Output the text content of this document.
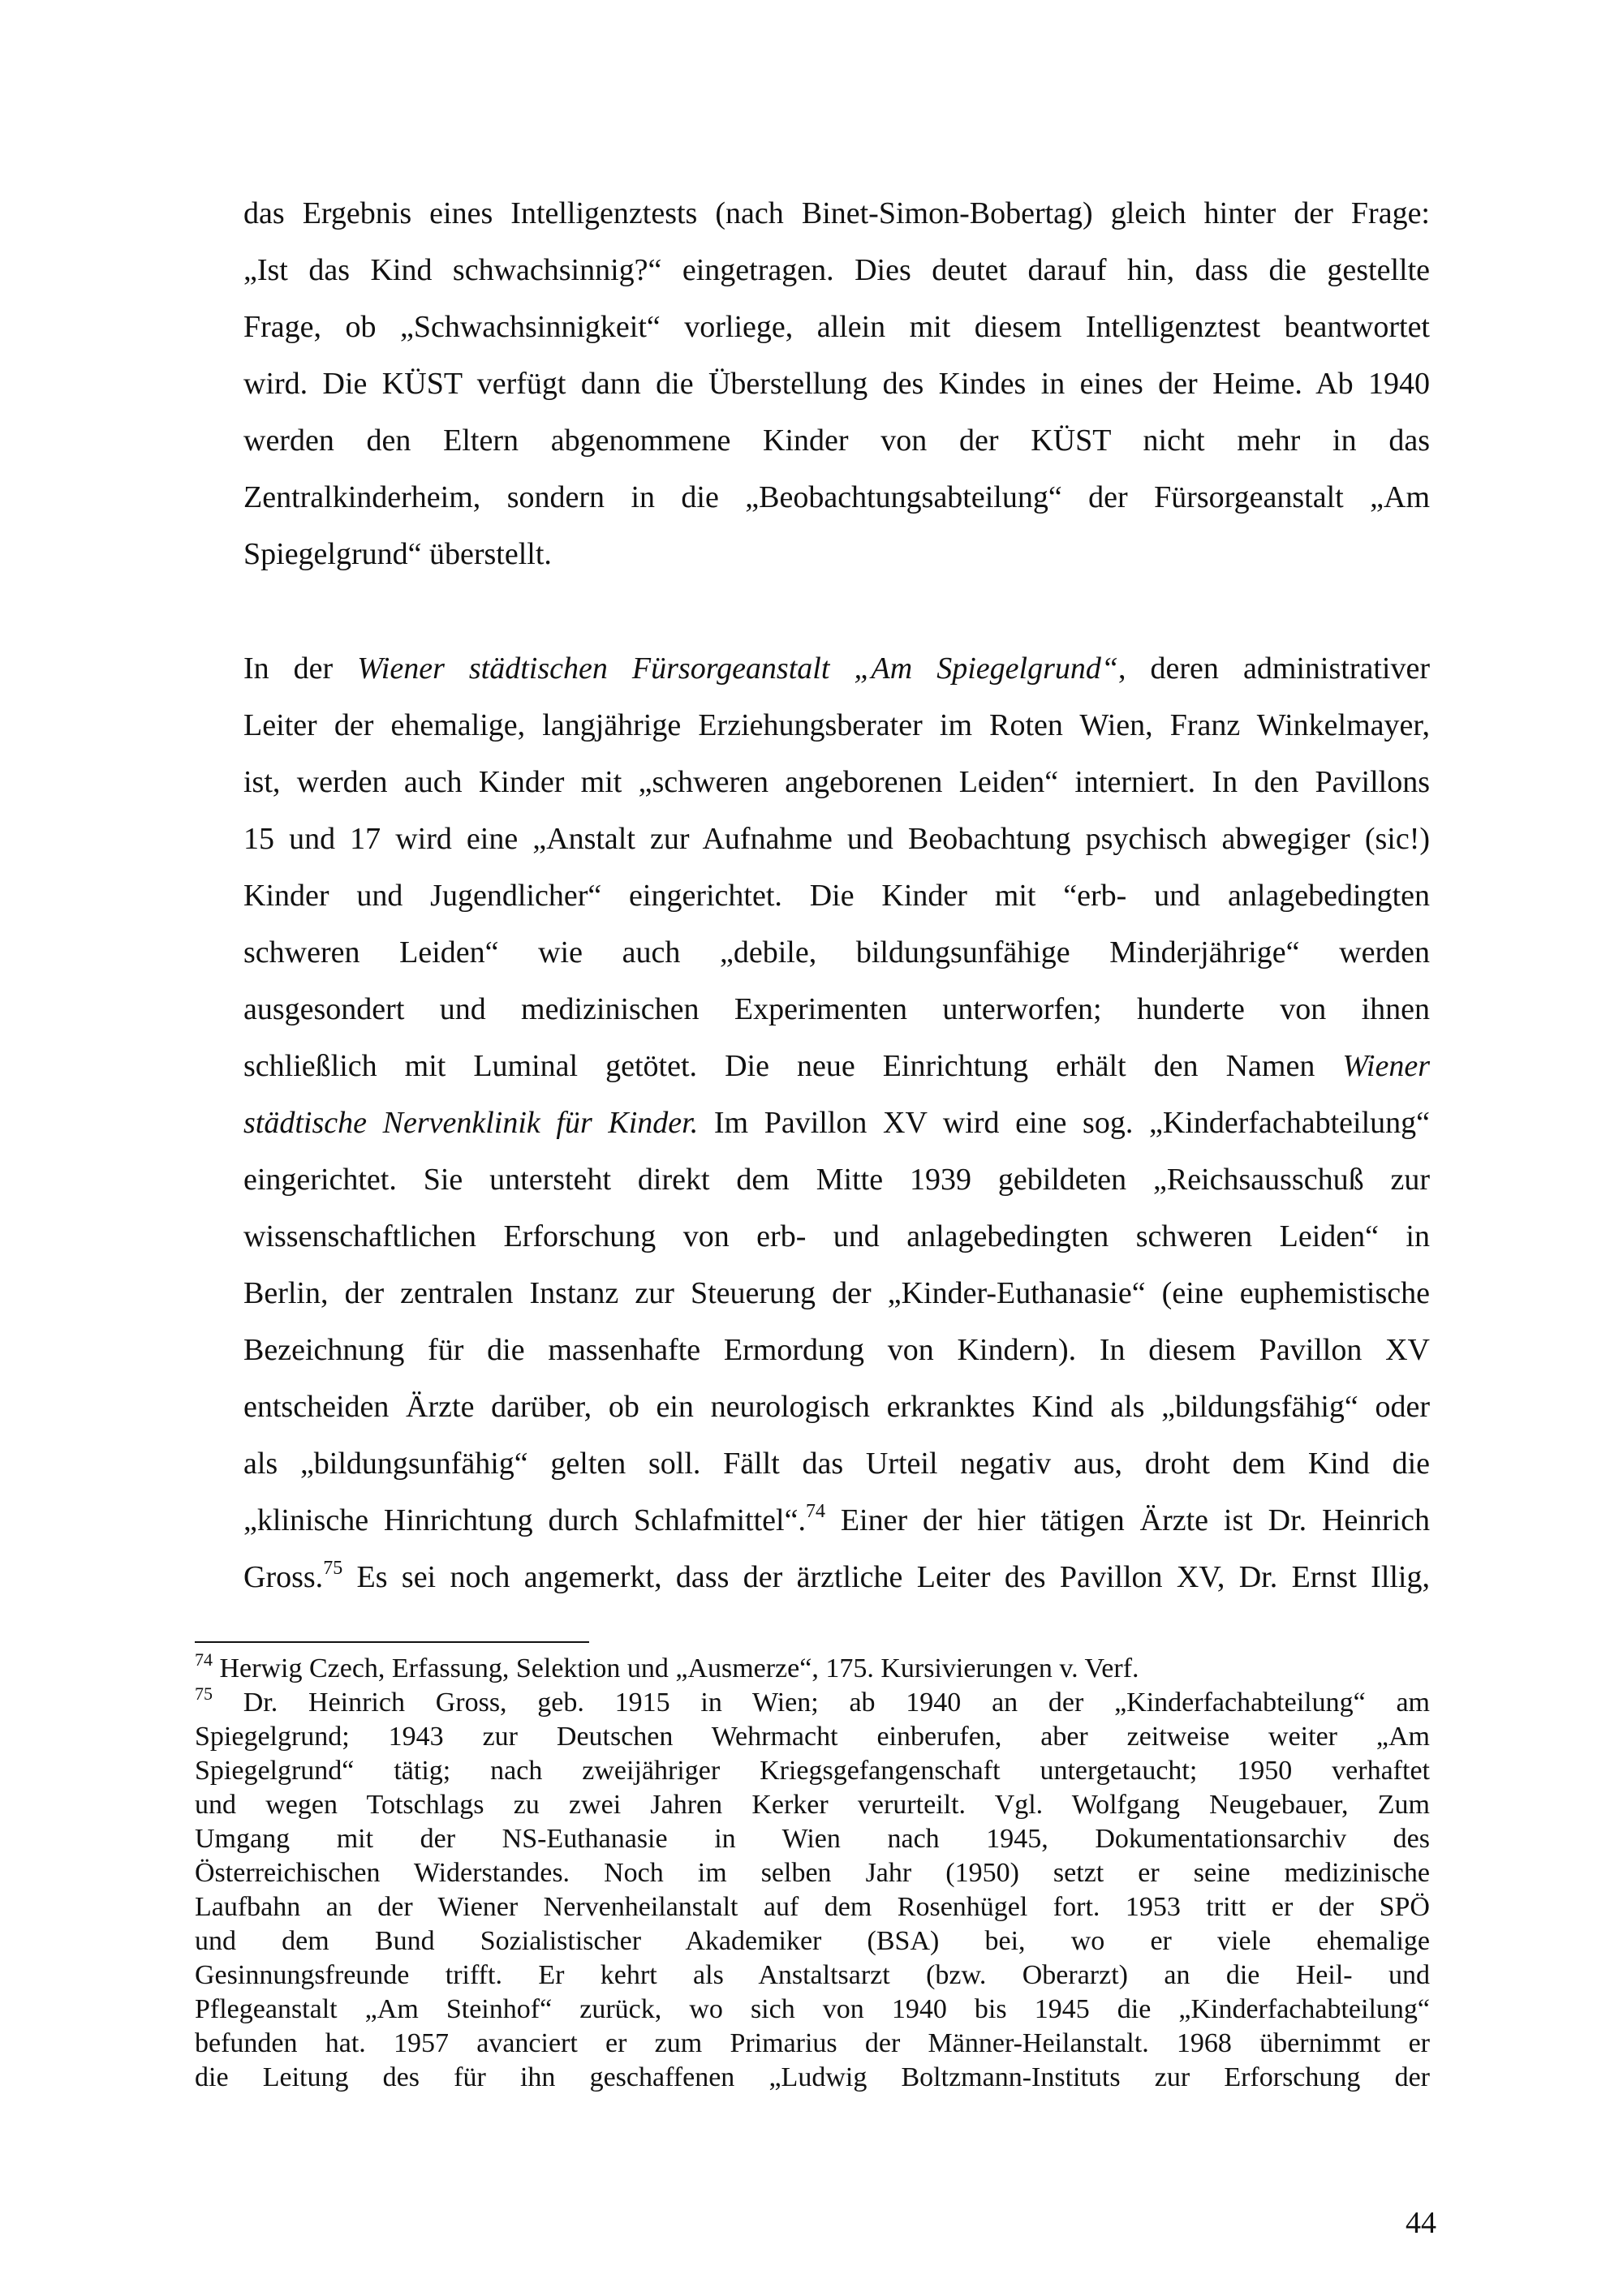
das Ergebnis eines Intelligenztests (nach Binet-Simon-Bobertag) gleich hinter der Frage:
„Ist das Kind schwachsinnig?“ eingetragen. Dies deutet darauf hin, dass die gestellte
Frage, ob „Schwachsinnigkeit“ vorliege, allein mit diesem Intelligenztest beantwortet
wird. Die KÜST verfügt dann die Überstellung des Kindes in eines der Heime. Ab 1940
werden den Eltern abgenommene Kinder von der KÜST nicht mehr in das
Zentralkinderheim, sondern in die „Beobachtungsabteilung“ der Fürsorgeanstalt „Am
Spiegelgrund“ überstellt.
In der Wiener städtischen Fürsorgeanstalt „Am Spiegelgrund“, deren administrativer
Leiter der ehemalige, langjährige Erziehungsberater im Roten Wien, Franz Winkelmayer,
ist, werden auch Kinder mit „schweren angeborenen Leiden“ interniert. In den Pavillons
15 und 17 wird eine „Anstalt zur Aufnahme und Beobachtung psychisch abwegiger (sic!)
Kinder und Jugendlicher“ eingerichtet. Die Kinder mit “erb- und anlagebedingten
schweren Leiden“ wie auch „debile, bildungsunfähige Minderjährige“ werden
ausgesondert und medizinischen Experimenten unterworfen; hunderte von ihnen
schließlich mit Luminal getötet. Die neue Einrichtung erhält den Namen Wiener
städtische Nervenklinik für Kinder. Im Pavillon XV wird eine sog. „Kinderfachabteilung“
eingerichtet. Sie untersteht direkt dem Mitte 1939 gebildeten „Reichsausschuß zur
wissenschaftlichen Erforschung von erb- und anlagebedingten schweren Leiden“ in
Berlin, der zentralen Instanz zur Steuerung der „Kinder-Euthanasie“ (eine euphemistische
Bezeichnung für die massenhafte Ermordung von Kindern). In diesem Pavillon XV
entscheiden Ärzte darüber, ob ein neurologisch erkranktes Kind als „bildungsfähig“ oder
als „bildungsunfähig“ gelten soll. Fällt das Urteil negativ aus, droht dem Kind die
„klinische Hinrichtung durch Schlafmittel“.$^{74}$ Einer der hier tätigen Ärzte ist Dr. Heinrich
Gross.$^{75}$ Es sei noch angemerkt, dass der ärztliche Leiter des Pavillon XV, Dr. Ernst Illig,
$^{74}$ Herwig Czech, Erfassung, Selektion und „Ausmerze“, 175. Kursivierungen v. Verf.
$^{75}$ Dr. Heinrich Gross, geb. 1915 in Wien; ab 1940 an der „Kinderfachabteilung“ am
Spiegelgrund; 1943 zur Deutschen Wehrmacht einberufen, aber zeitweise weiter „Am
Spiegelgrund“ tätig; nach zweijähriger Kriegsgefangenschaft untergetaucht; 1950 verhaftet
und wegen Totschlags zu zwei Jahren Kerker verurteilt. Vgl. Wolfgang Neugebauer, Zum
Umgang mit der NS-Euthanasie in Wien nach 1945, Dokumentationsarchiv des
Österreichischen Widerstandes. Noch im selben Jahr (1950) setzt er seine medizinische
Laufbahn an der Wiener Nervenheilanstalt auf dem Rosenhügel fort. 1953 tritt er der SPÖ
und dem Bund Sozialistischer Akademiker (BSA) bei, wo er viele ehemalige
Gesinnungsfreunde trifft. Er kehrt als Anstaltsarzt (bzw. Oberarzt) an die Heil- und
Pflegeanstalt „Am Steinhof“ zurück, wo sich von 1940 bis 1945 die „Kinderfachabteilung“
befunden hat. 1957 avanciert er zum Primarius der Männer-Heilanstalt. 1968 übernimmt er
die Leitung des für ihn geschaffenen „Ludwig Boltzmann-Instituts zur Erforschung der
44
